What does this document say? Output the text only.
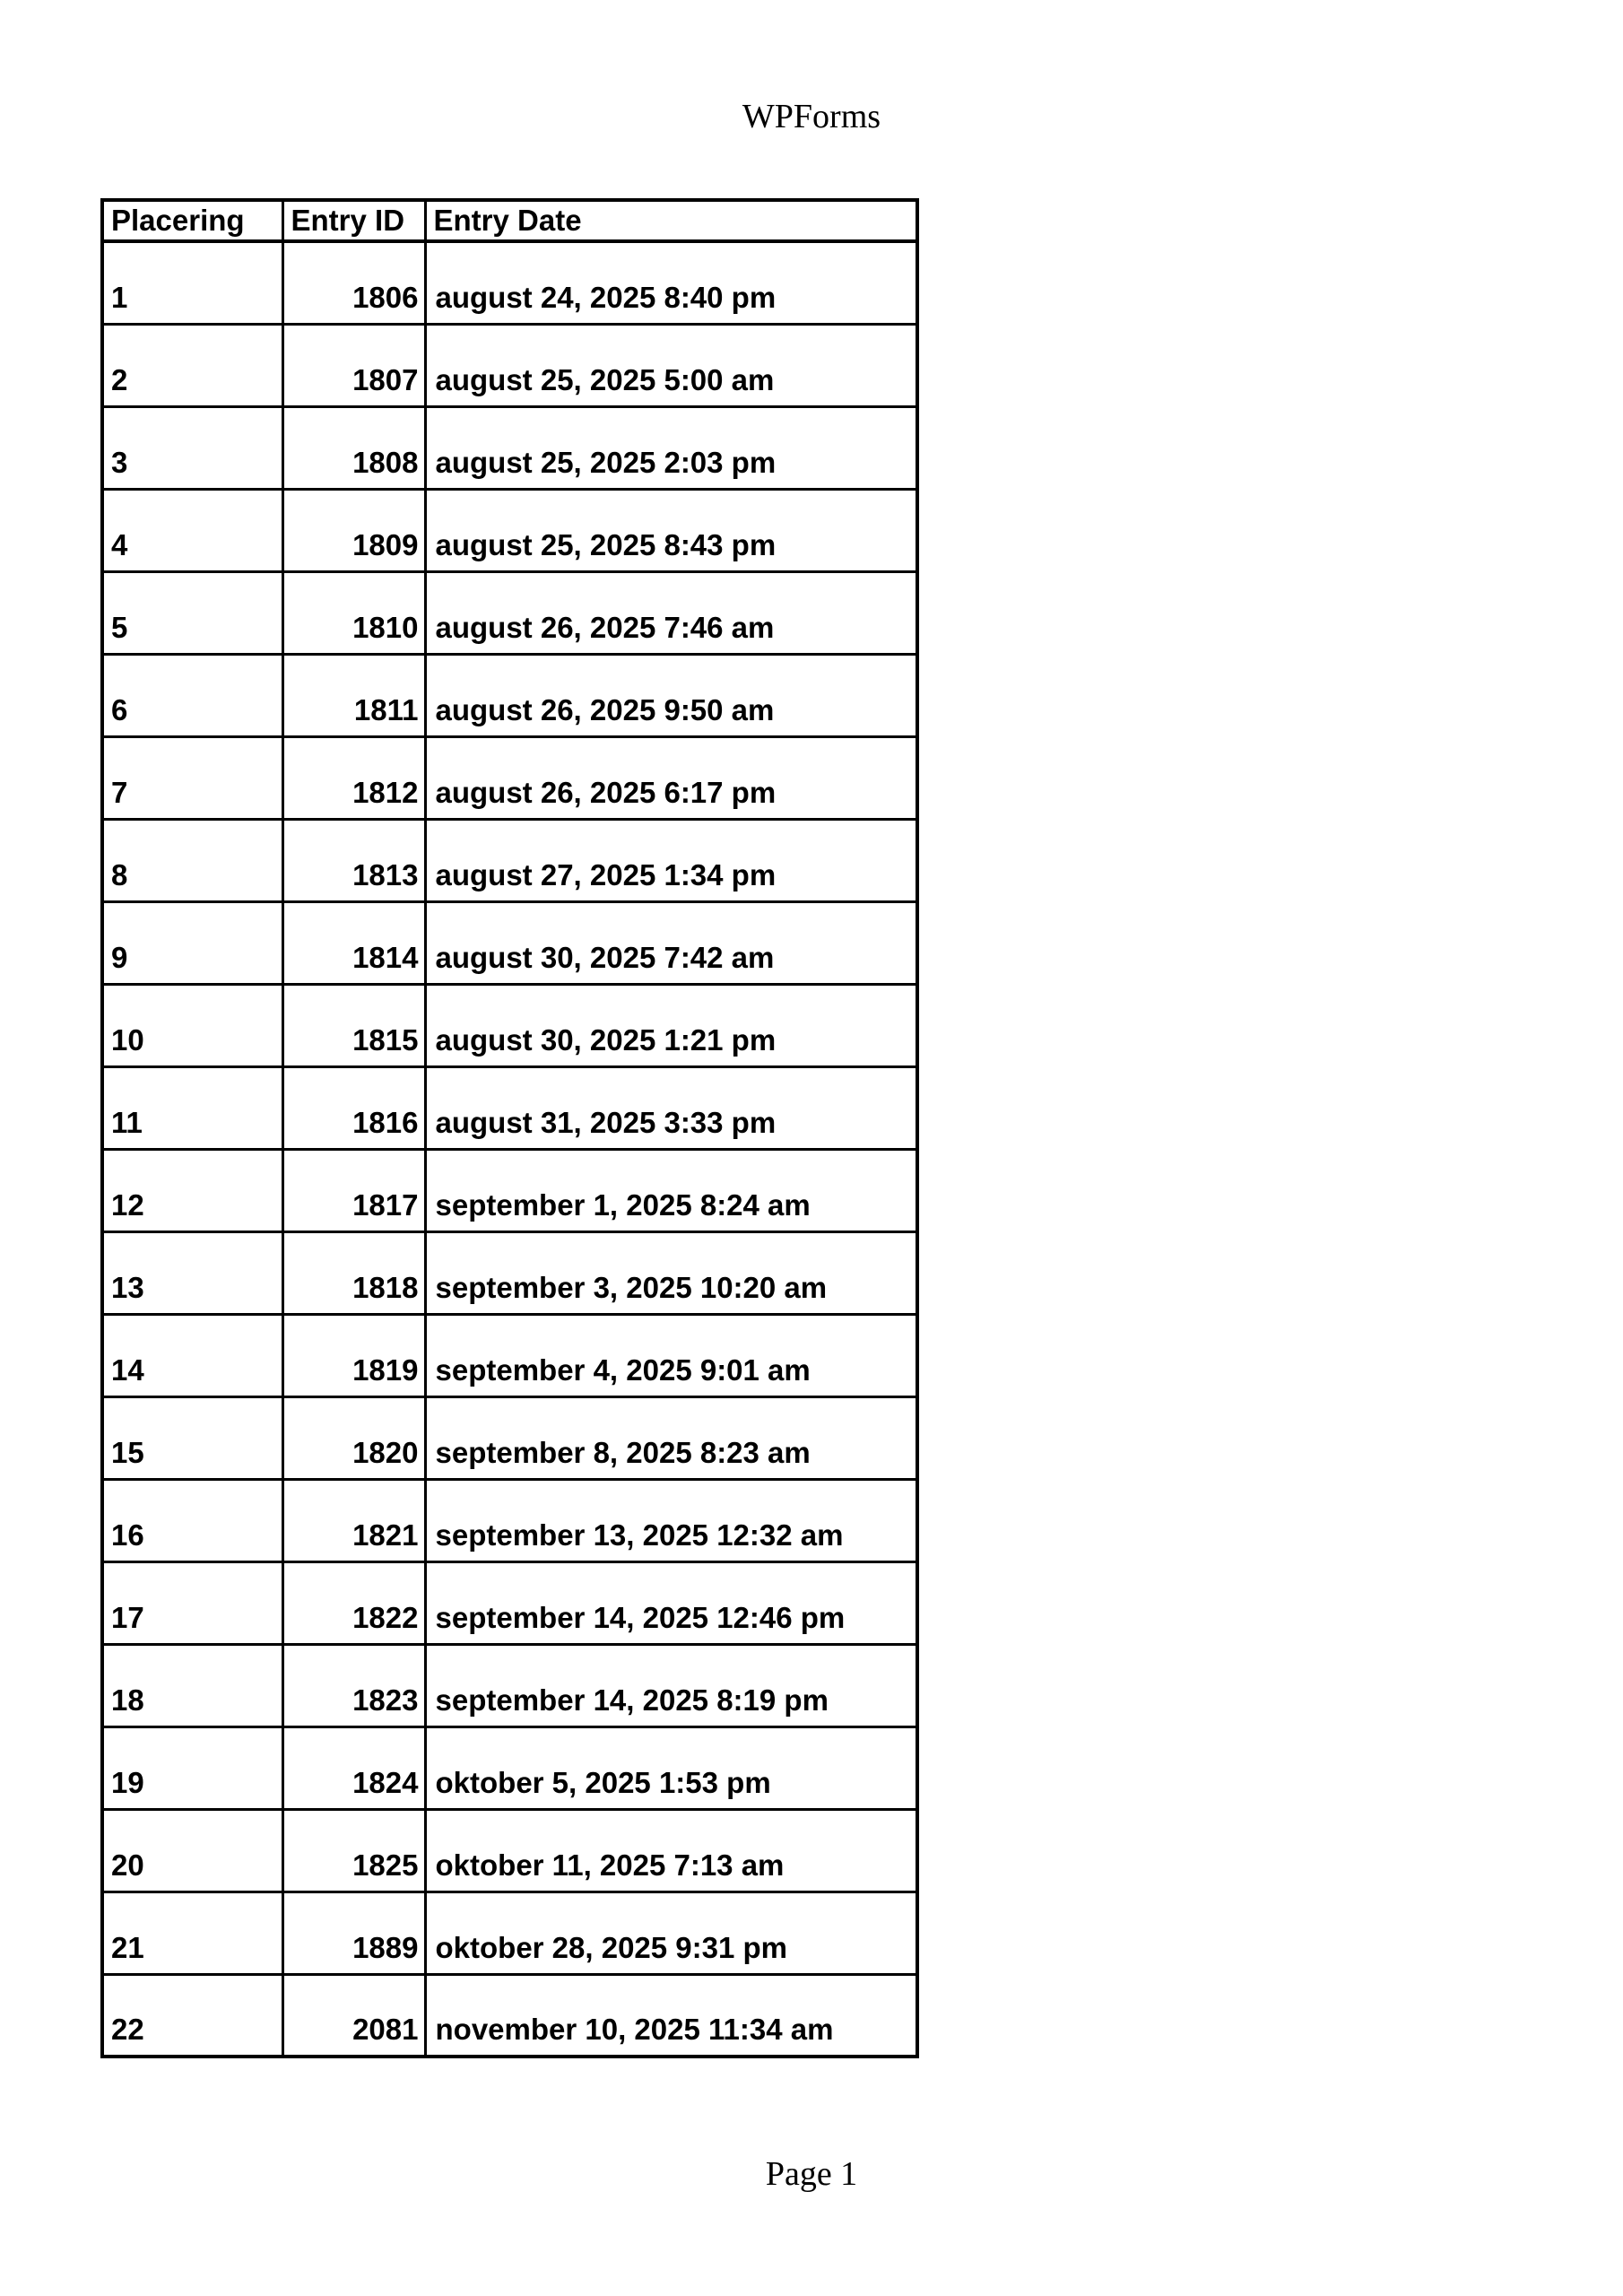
WPForms
Placering	Entry ID	Entry Date
1	1806	august 24, 2025 8:40 pm
2	1807	august 25, 2025 5:00 am
3	1808	august 25, 2025 2:03 pm
4	1809	august 25, 2025 8:43 pm
5	1810	august 26, 2025 7:46 am
6	1811	august 26, 2025 9:50 am
7	1812	august 26, 2025 6:17 pm
8	1813	august 27, 2025 1:34 pm
9	1814	august 30, 2025 7:42 am
10	1815	august 30, 2025 1:21 pm
11	1816	august 31, 2025 3:33 pm
12	1817	september 1, 2025 8:24 am
13	1818	september 3, 2025 10:20 am
14	1819	september 4, 2025 9:01 am
15	1820	september 8, 2025 8:23 am
16	1821	september 13, 2025 12:32 am
17	1822	september 14, 2025 12:46 pm
18	1823	september 14, 2025 8:19 pm
19	1824	oktober 5, 2025 1:53 pm
20	1825	oktober 11, 2025 7:13 am
21	1889	oktober 28, 2025 9:31 pm
22	2081	november 10, 2025 11:34 am
Page 1
